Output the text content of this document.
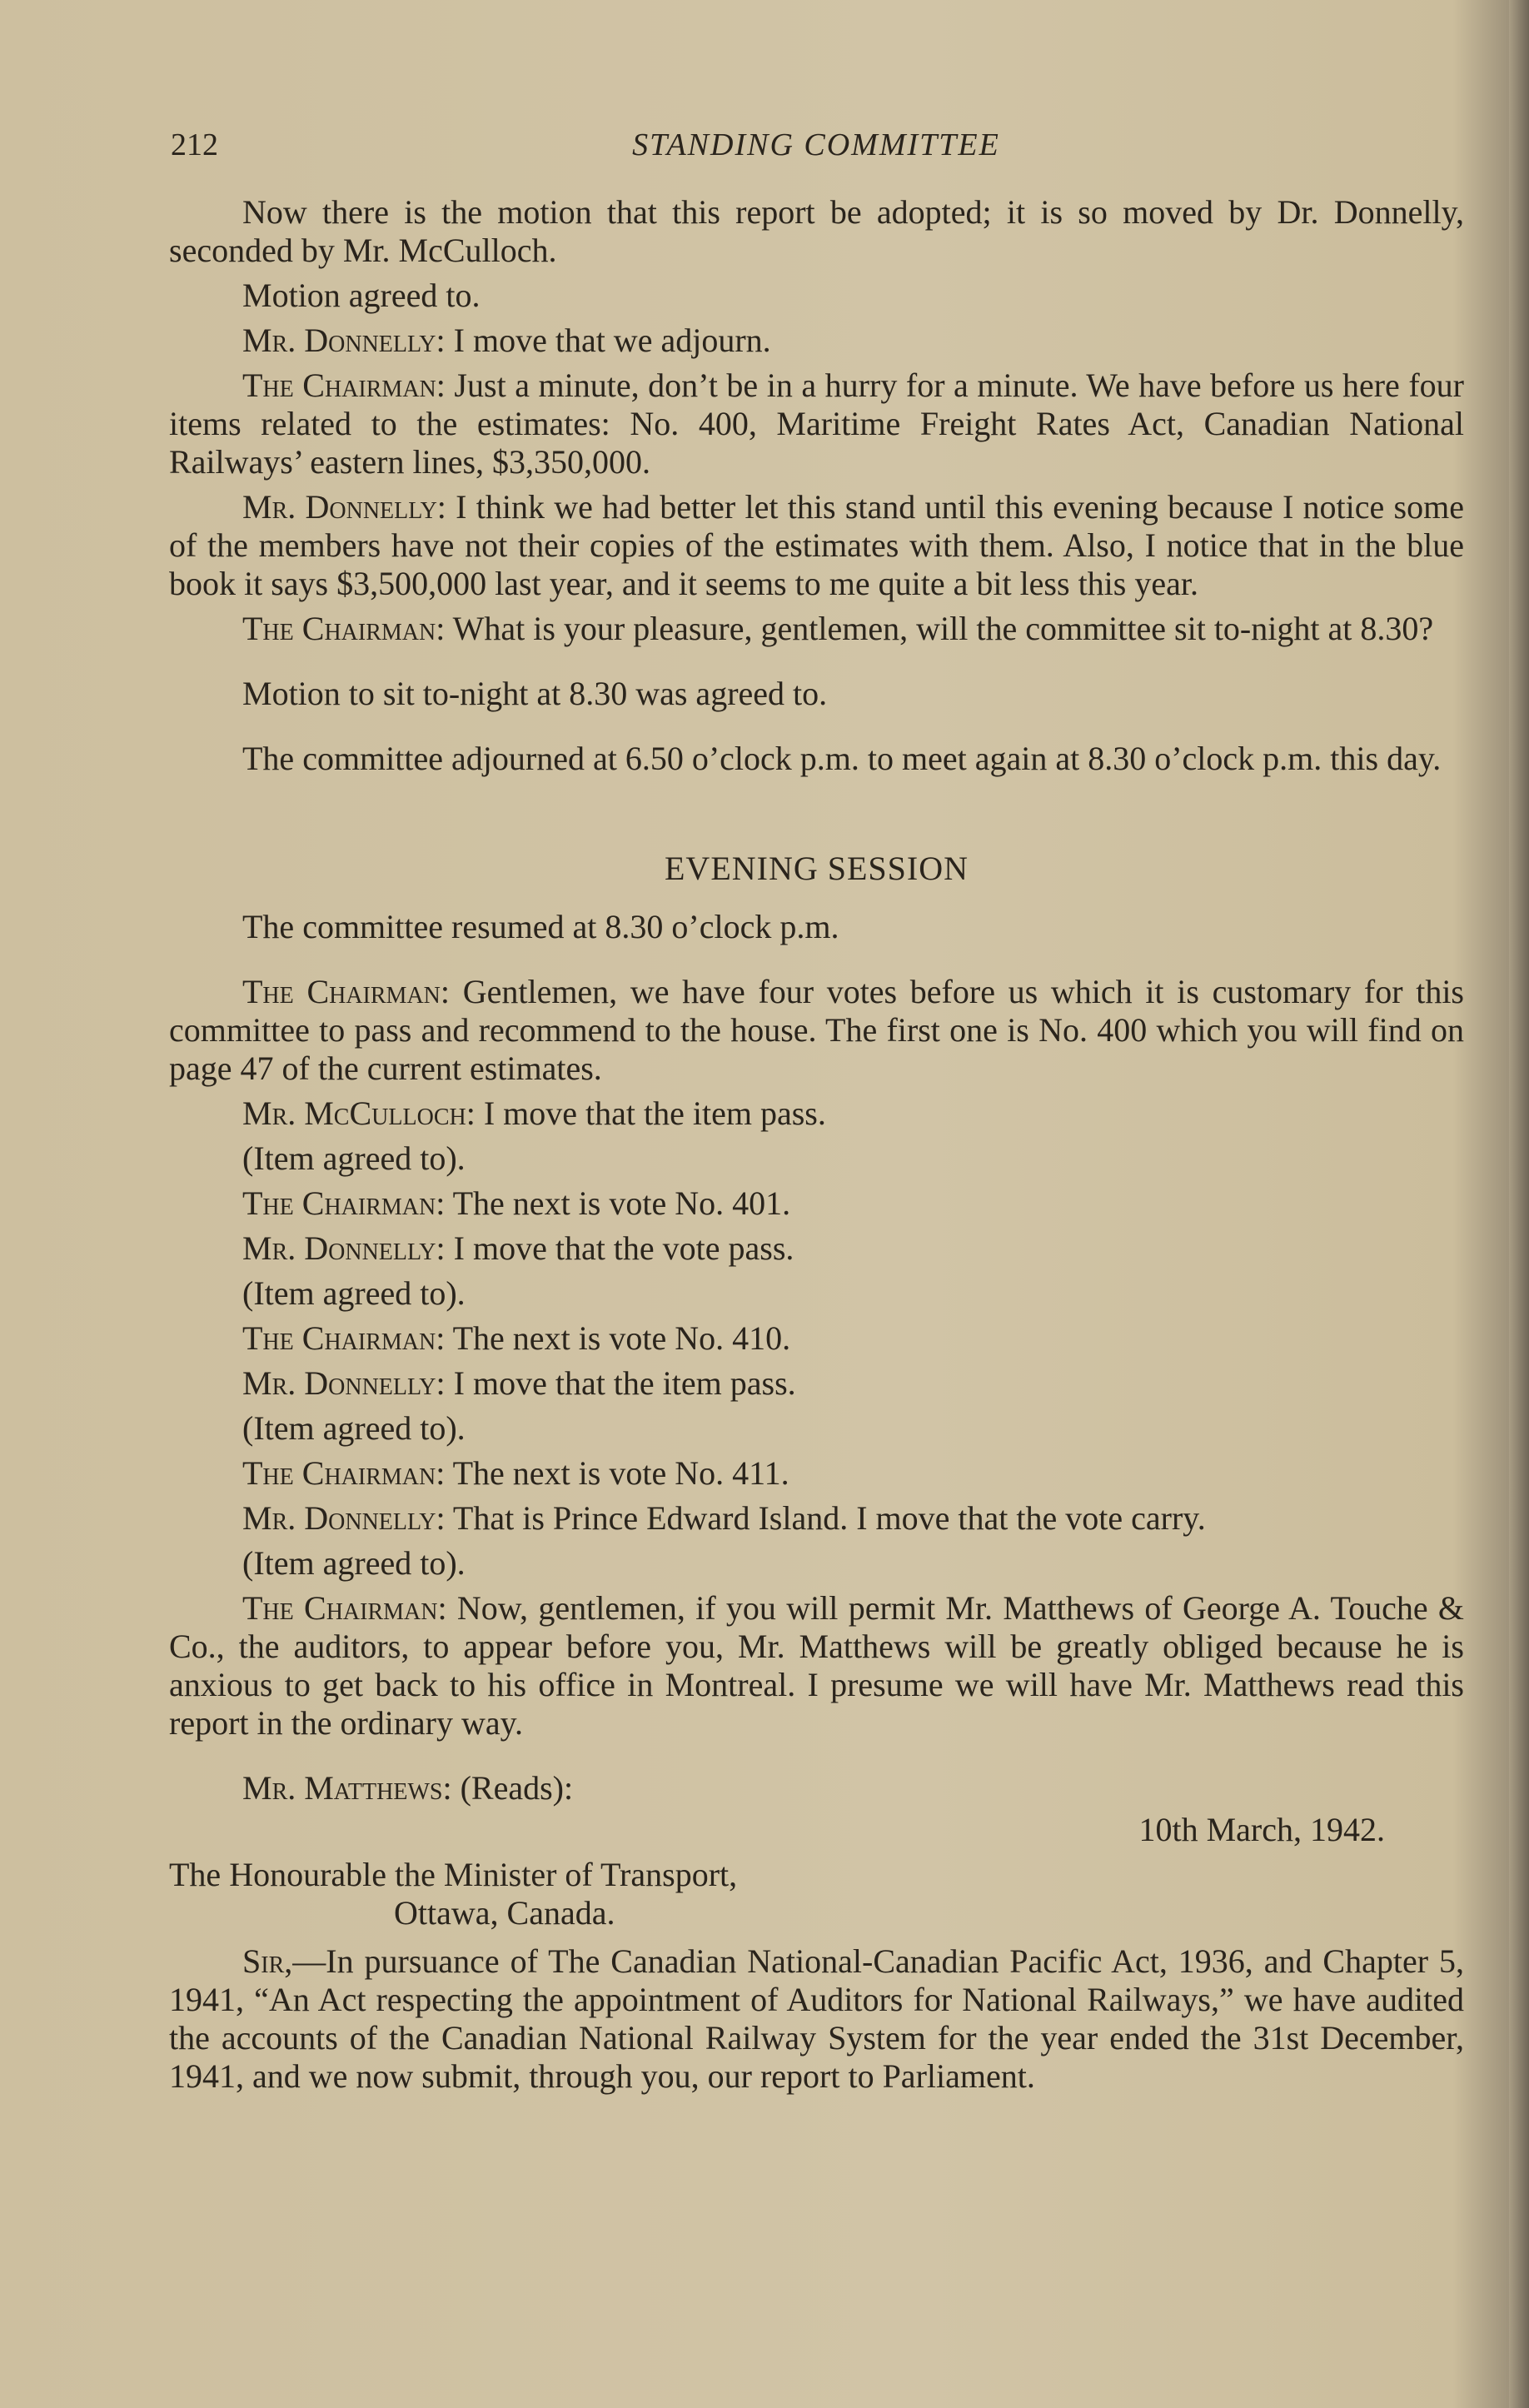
212	STANDING COMMITTEE

Now there is the motion that this report be adopted; it is so moved by Dr. Donnelly, seconded by Mr. McCulloch.

Motion agreed to.

Mr. Donnelly: I move that we adjourn.

The Chairman: Just a minute, don’t be in a hurry for a minute. We have before us here four items related to the estimates: No. 400, Maritime Freight Rates Act, Canadian National Railways’ eastern lines, $3,350,000.

Mr. Donnelly: I think we had better let this stand until this evening because I notice some of the members have not their copies of the estimates with them. Also, I notice that in the blue book it says $3,500,000 last year, and it seems to me quite a bit less this year.

The Chairman: What is your pleasure, gentlemen, will the committee sit to-night at 8.30?

Motion to sit to-night at 8.30 was agreed to.

The committee adjourned at 6.50 o’clock p.m. to meet again at 8.30 o’clock p.m. this day.

EVENING SESSION

The committee resumed at 8.30 o’clock p.m.

The Chairman: Gentlemen, we have four votes before us which it is customary for this committee to pass and recommend to the house. The first one is No. 400 which you will find on page 47 of the current estimates.

Mr. McCulloch: I move that the item pass.

(Item agreed to).

The Chairman: The next is vote No. 401.

Mr. Donnelly: I move that the vote pass.

(Item agreed to).

The Chairman: The next is vote No. 410.

Mr. Donnelly: I move that the item pass.

(Item agreed to).

The Chairman: The next is vote No. 411.

Mr. Donnelly: That is Prince Edward Island. I move that the vote carry.

(Item agreed to).

The Chairman: Now, gentlemen, if you will permit Mr. Matthews of George A. Touche & Co., the auditors, to appear before you, Mr. Matthews will be greatly obliged because he is anxious to get back to his office in Montreal. I presume we will have Mr. Matthews read this report in the ordinary way.

Mr. Matthews: (Reads):

10th March, 1942.

The Honourable the Minister of Transport,

Ottawa, Canada.

Sir,—In pursuance of The Canadian National-Canadian Pacific Act, 1936, and Chapter 5, 1941, “An Act respecting the appointment of Auditors for National Railways,” we have audited the accounts of the Canadian National Railway System for the year ended the 31st December, 1941, and we now submit, through you, our report to Parliament.
